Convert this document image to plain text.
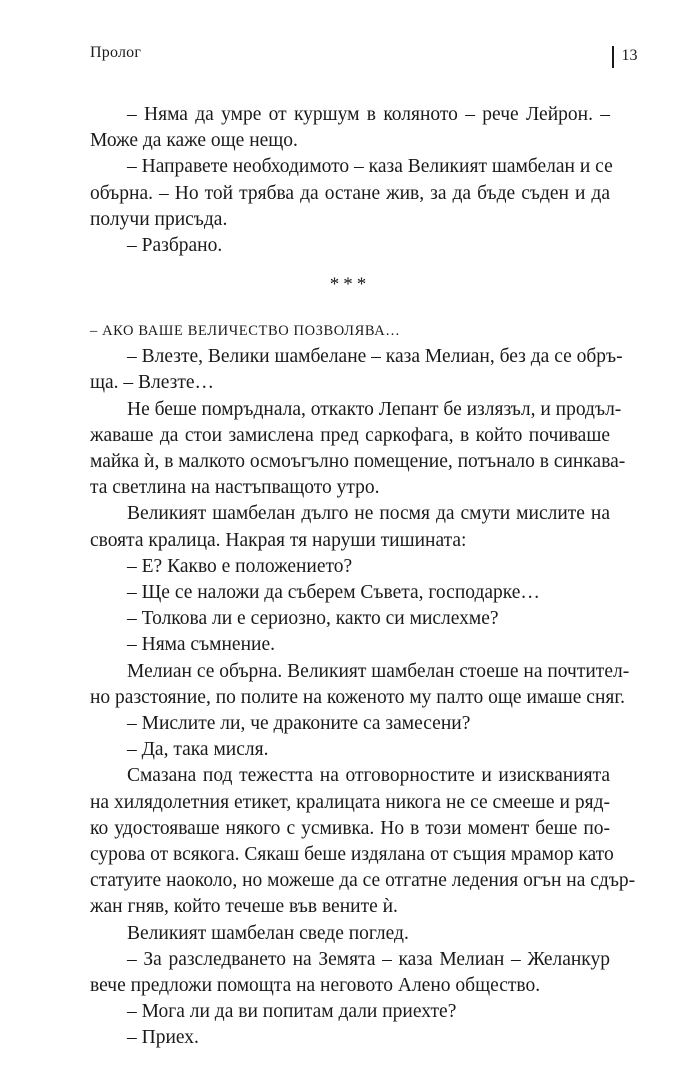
Пролог	13
– Няма да умре от куршум в коляното – рече Лейрон. –
Може да каже още нещо.
– Направете необходимото – каза Великият шамбелан и се
обърна. – Но той трябва да остане жив, за да бъде съден и да
получи присъда.
– Разбрано.
***
– АКО ВАШЕ ВЕЛИЧЕСТВО ПОЗВОЛЯВА…
– Влезте, Велики шамбелане – каза Мелиан, без да се обръ-
ща. – Влезте…
Не беше помръднала, откакто Лепант бе излязъл, и продъл-
жаваше да стои замислена пред саркофага, в който почиваше
майка ѝ, в малкото осмоъгълно помещение, потънало в синкава-
та светлина на настъпващото утро.
Великият шамбелан дълго не посмя да смути мислите на
своята кралица. Накрая тя наруши тишината:
– Е? Какво е положението?
– Ще се наложи да съберем Съвета, господарке…
– Толкова ли е сериозно, както си мислехме?
– Няма съмнение.
Мелиан се обърна. Великият шамбелан стоеше на почтител-
но разстояние, по полите на коженото му палто още имаше сняг.
– Мислите ли, че драконите са замесени?
– Да, така мисля.
Смазана под тежестта на отговорностите и изискванията
на хилядолетния етикет, кралицата никога не се смееше и ряд-
ко удостояваше някого с усмивка. Но в този момент беше по-
сурова от всякога. Сякаш беше издялана от същия мрамор като
статуите наоколо, но можеше да се отгатне ледения огън на сдър-
жан гняв, който течеше във вените ѝ.
Великият шамбелан сведе поглед.
– За разследването на Земята – каза Мелиан – Желанкур
вече предложи помощта на неговото Алено общество.
– Мога ли да ви попитам дали приехте?
– Приех.
